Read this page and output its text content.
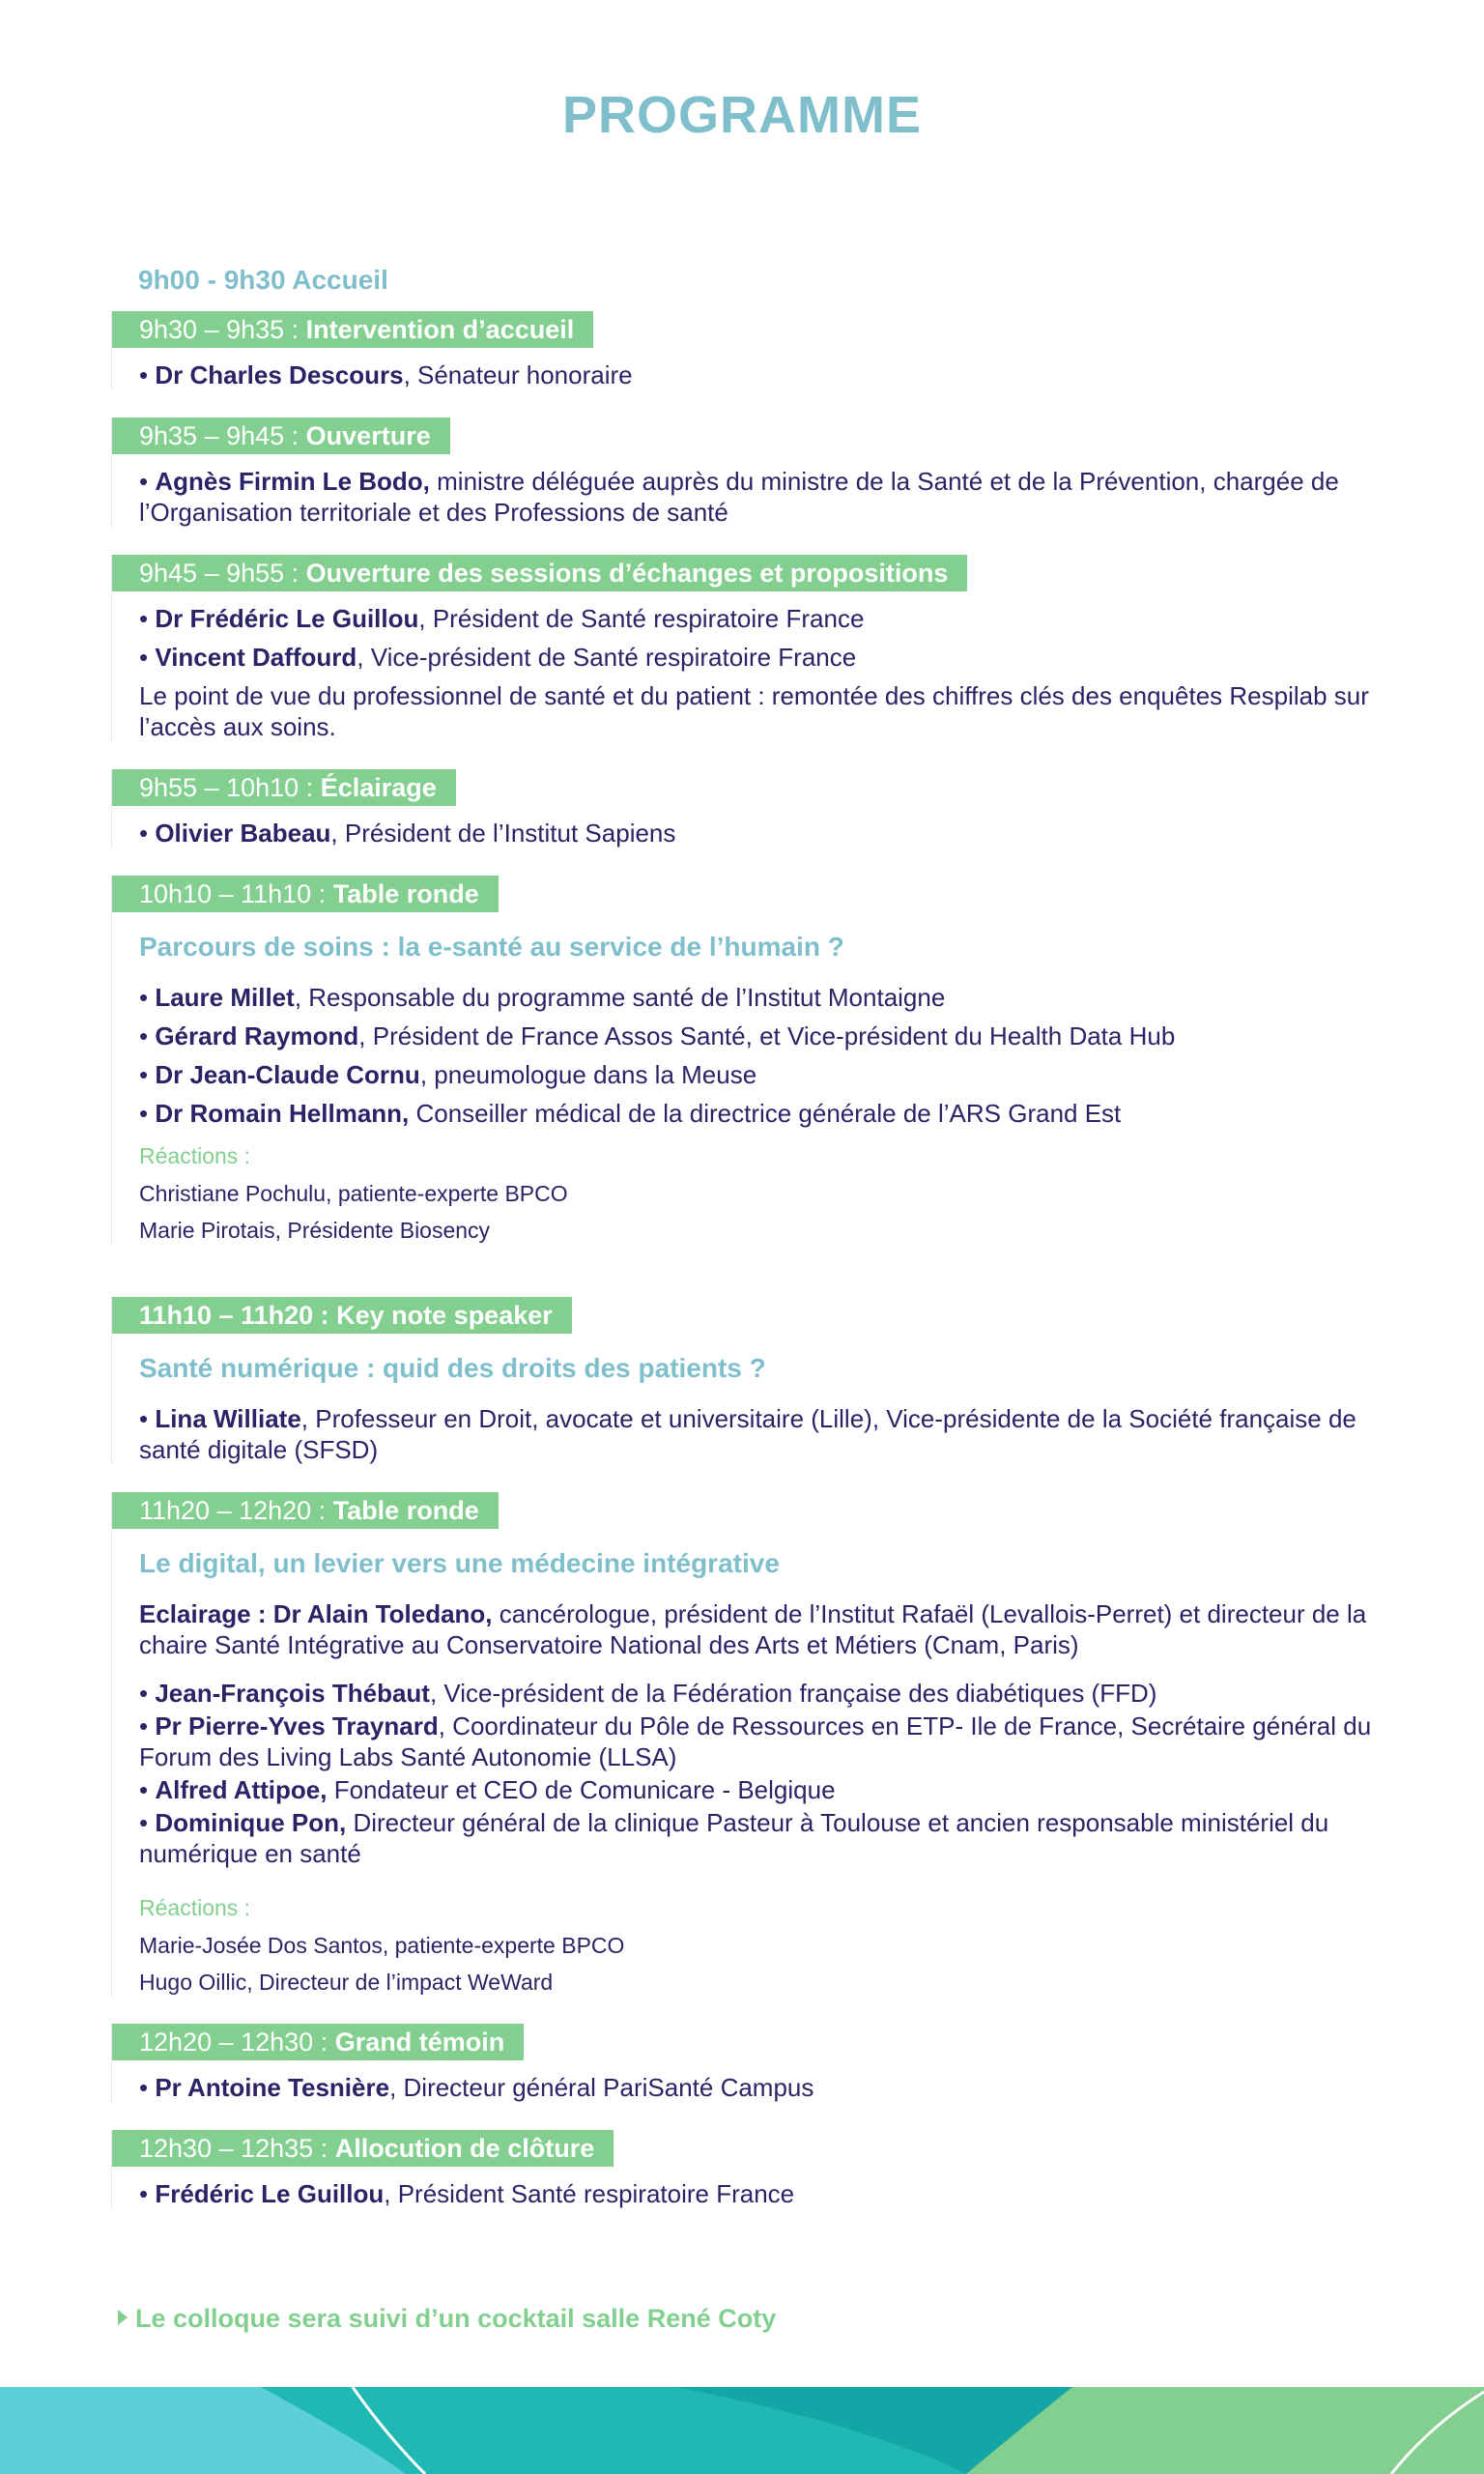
PROGRAMME
9h00 - 9h30 Accueil
9h30 – 9h35 : Intervention d’accueil
• Dr Charles Descours, Sénateur honoraire
9h35 – 9h45 : Ouverture
• Agnès Firmin Le Bodo, ministre déléguée auprès du ministre de la Santé et de la Prévention, chargée de l’Organisation territoriale et des Professions de santé
9h45 – 9h55 : Ouverture des sessions d’échanges et propositions
• Dr Frédéric Le Guillou, Président de Santé respiratoire France
• Vincent Daffourd, Vice-président de Santé respiratoire France
Le point de vue du professionnel de santé et du patient : remontée des chiffres clés des enquêtes Respilab sur l’accès aux soins.
9h55 – 10h10 : Éclairage
• Olivier Babeau, Président de l’Institut Sapiens
10h10 – 11h10 : Table ronde
Parcours de soins : la e-santé au service de l’humain ?
• Laure Millet, Responsable du programme santé de l’Institut Montaigne
• Gérard Raymond, Président de France Assos Santé, et Vice-président du Health Data Hub
• Dr Jean-Claude Cornu, pneumologue dans la Meuse
• Dr Romain Hellmann, Conseiller médical de la directrice générale de l’ARS Grand Est
Réactions :
Christiane Pochulu, patiente-experte BPCO
Marie Pirotais, Présidente Biosency
11h10 – 11h20 : Key note speaker
Santé numérique : quid des droits des patients ?
• Lina Williate, Professeur en Droit, avocate et universitaire (Lille), Vice-présidente de la Société française de santé digitale (SFSD)
11h20 – 12h20 : Table ronde
Le digital, un levier vers une médecine intégrative
Eclairage : Dr Alain Toledano, cancérologue, président de l’Institut Rafaël (Levallois-Perret) et directeur de la chaire Santé Intégrative au Conservatoire National des Arts et Métiers (Cnam, Paris)
• Jean-François Thébaut, Vice-président de la Fédération française des diabétiques (FFD)
• Pr Pierre-Yves Traynard, Coordinateur du Pôle de Ressources en ETP- Ile de France, Secrétaire général du Forum des Living Labs Santé Autonomie (LLSA)
• Alfred Attipoe, Fondateur et CEO de Comunicare - Belgique
• Dominique Pon, Directeur général de la clinique Pasteur à Toulouse et ancien responsable ministériel du numérique en santé
Réactions :
Marie-Josée Dos Santos, patiente-experte BPCO
Hugo Oillic, Directeur de l’impact WeWard
12h20 – 12h30 : Grand témoin
• Pr Antoine Tesnière, Directeur général PariSanté Campus
12h30 – 12h35 : Allocution de clôture
• Frédéric Le Guillou, Président Santé respiratoire France
Le colloque sera suivi d’un cocktail salle René Coty
